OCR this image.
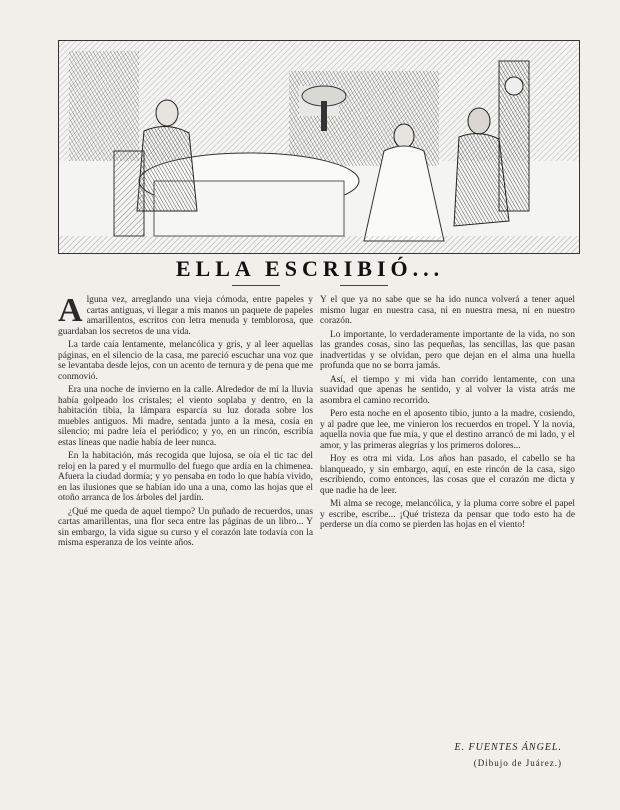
ELLA ESCRIBIÓ...

Alguna vez, arreglando una vieja cómoda, entre papeles y cartas antiguas, vi llegar a mis manos un paquete de papeles amarillentos, escritos con letra menuda y temblorosa, que guardaban los secretos de una vida.

La tarde caía lentamente, melancólica y gris, y al leer aquellas páginas, en el silencio de la casa, me pareció escuchar una voz que se levantaba desde lejos, con un acento de ternura y de pena que me conmovió.

Era una noche de invierno en la calle. Alrededor de mí la lluvia había golpeado los cristales; el viento soplaba y dentro, en la habitación tibia, la lámpara esparcía su luz dorada sobre los muebles antiguos. Mi madre, sentada junto a la mesa, cosía en silencio; mi padre leía el periódico; y yo, en un rincón, escribía estas líneas que nadie había de leer nunca.

En la habitación, más recogida que lujosa, se oía el tic tac del reloj en la pared y el murmullo del fuego que ardía en la chimenea. Afuera la ciudad dormía; y yo pensaba en todo lo que había vivido, en las ilusiones que se habían ido una a una, como las hojas que el otoño arranca de los árboles del jardín.

¿Qué me queda de aquel tiempo? Un puñado de recuerdos, unas cartas amarillentas, una flor seca entre las páginas de un libro... Y sin embargo, la vida sigue su curso y el corazón late todavía con la misma esperanza de los veinte años.

Y el que ya no sabe que se ha ido nunca volverá a tener aquel mismo lugar en nuestra casa, ni en nuestra mesa, ni en nuestro corazón.

Lo importante, lo verdaderamente importante de la vida, no son las grandes cosas, sino las pequeñas, las sencillas, las que pasan inadvertidas y se olvidan, pero que dejan en el alma una huella profunda que no se borra jamás.

Así, el tiempo y mi vida han corrido lentamente, con una suavidad que apenas he sentido, y al volver la vista atrás me asombra el camino recorrido.

Pero esta noche en el aposento tibio, junto a la madre, cosiendo, y al padre que lee, me vinieron los recuerdos en tropel. Y la novia, aquella novia que fue mía, y que el destino arrancó de mi lado, y el amor, y las primeras alegrías y los primeros dolores...

Hoy es otra mi vida. Los años han pasado, el cabello se ha blanqueado, y sin embargo, aquí, en este rincón de la casa, sigo escribiendo, como entonces, las cosas que el corazón me dicta y que nadie ha de leer.

Mi alma se recoge, melancólica, y la pluma corre sobre el papel y escribe, escribe... ¡Qué tristeza da pensar que todo esto ha de perderse un día como se pierden las hojas en el viento!

E. FUENTES ÁNGEL.
(Dibujo de Juárez.)
